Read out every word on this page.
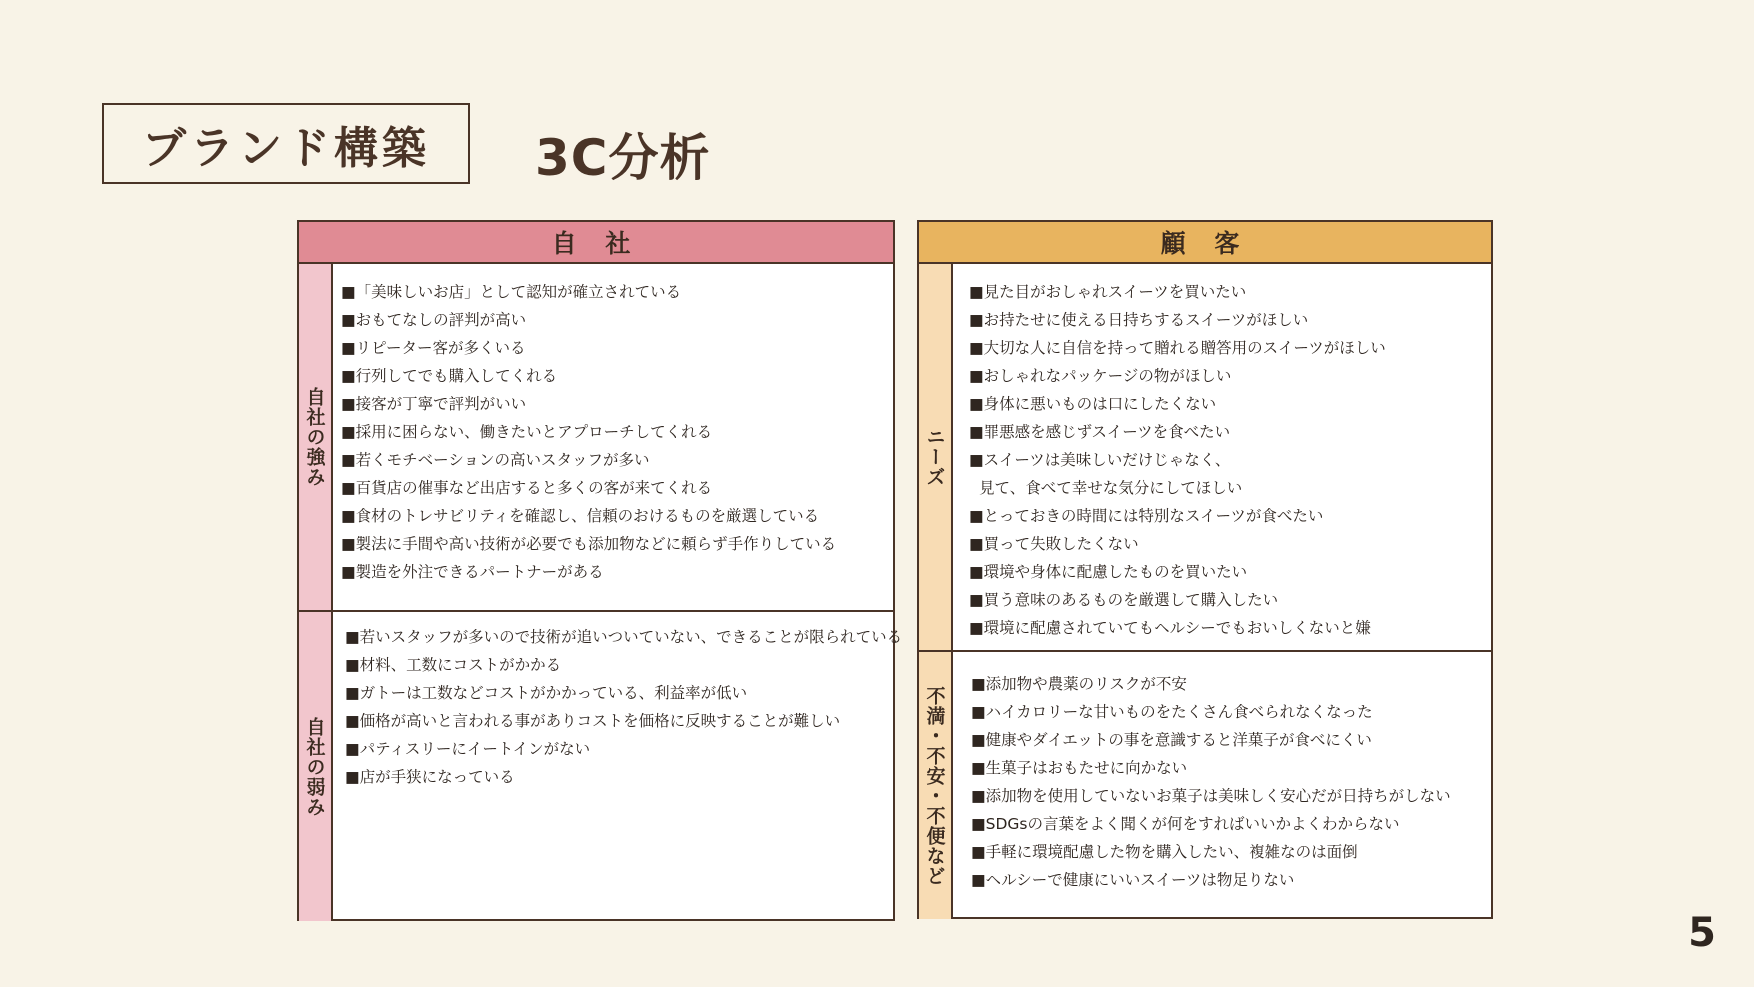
ブランド構築	3C分析
自 社
自社の強み
■「美味しいお店」として認知が確立されている
■おもてなしの評判が高い
■リピーター客が多くいる
■行列してでも購入してくれる
■接客が丁寧で評判がいい
■採用に困らない、働きたいとアプローチしてくれる
■若くモチベーションの高いスタッフが多い
■百貨店の催事など出店すると多くの客が来てくれる
■食材のトレサビリティを確認し、信頼のおけるものを厳選している
■製法に手間や高い技術が必要でも添加物などに頼らず手作りしている
■製造を外注できるパートナーがある
自社の弱み
■若いスタッフが多いので技術が追いついていない、できることが限られている
■材料、工数にコストがかかる
■ガトーは工数などコストがかかっている、利益率が低い
■価格が高いと言われる事がありコストを価格に反映することが難しい
■パティスリーにイートインがない
■店が手狭になっている
顧 客
ニーズ
■見た目がおしゃれスイーツを買いたい
■お持たせに使える日持ちするスイーツがほしい
■大切な人に自信を持って贈れる贈答用のスイーツがほしい
■おしゃれなパッケージの物がほしい
■身体に悪いものは口にしたくない
■罪悪感を感じずスイーツを食べたい
■スイーツは美味しいだけじゃなく、
見て、食べて幸せな気分にしてほしい
■とっておきの時間には特別なスイーツが食べたい
■買って失敗したくない
■環境や身体に配慮したものを買いたい
■買う意味のあるものを厳選して購入したい
■環境に配慮されていてもヘルシーでもおいしくないと嫌
不満・不安・不便など
■添加物や農薬のリスクが不安
■ハイカロリーな甘いものをたくさん食べられなくなった
■健康やダイエットの事を意識すると洋菓子が食べにくい
■生菓子はおもたせに向かない
■添加物を使用していないお菓子は美味しく安心だが日持ちがしない
■SDGsの言葉をよく聞くが何をすればいいかよくわからない
■手軽に環境配慮した物を購入したい、複雑なのは面倒
■ヘルシーで健康にいいスイーツは物足りない
5
